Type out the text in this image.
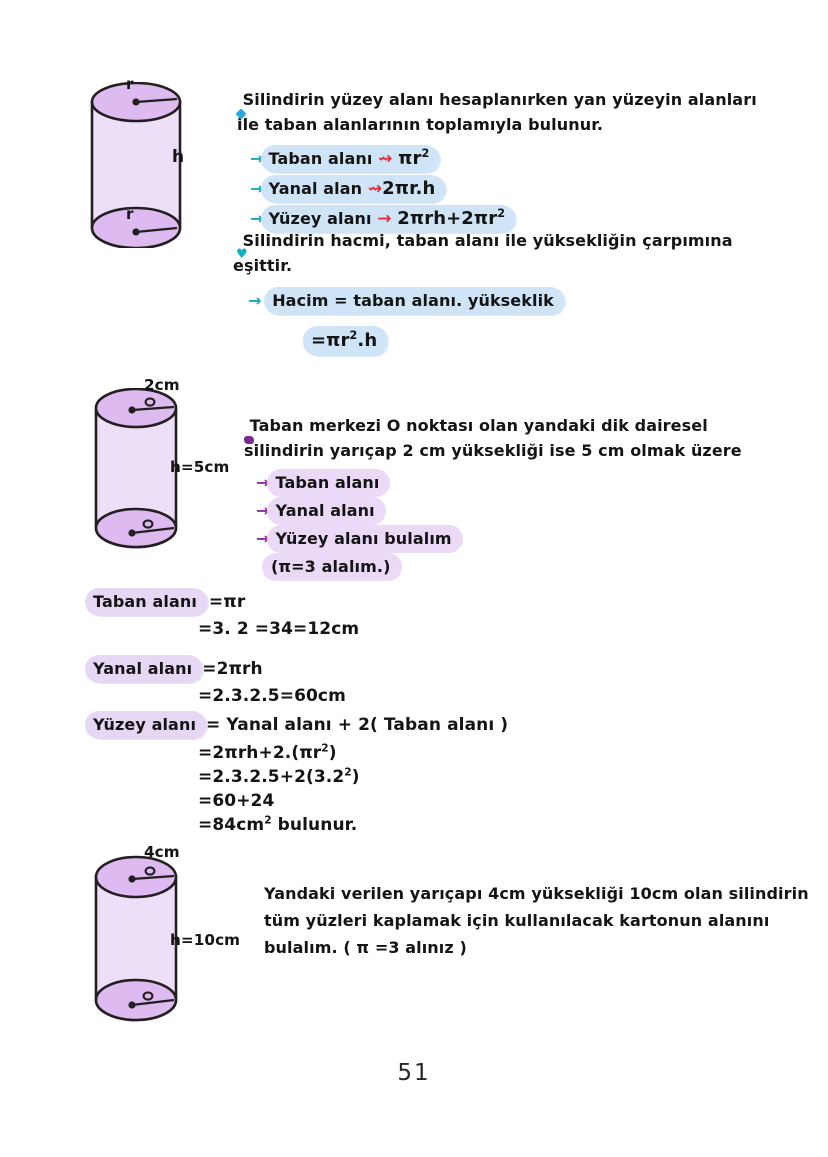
r
r
h
Silindirin yüzey alanı hesaplanırken yan yüzeyin alanları
ile taban alanlarının toplamıyla bulunur.
→ Taban alanı ⇝ $\pi r^2$
→ Yanal alan ⇝2πr.h
→ Yüzey alanı → $2\pi rh+2\pi r^2$
Silindirin hacmi, taban alanı ile yüksekliğin çarpımına
eşittir.
→ Hacim = taban alanı. yükseklik
$=\pi r^2.h$
2cm
h=5cm
Taban merkezi O noktası olan yandaki dik dairesel
silindirin yarıçap 2 cm yüksekliği ise 5 cm olmak üzere
→ Taban alanı
→ Yanal alanı
→ Yüzey alanı bulalım
(π=3 alalım.)
Taban alanı =πr
=3. 2 =34=12cm
Yanal alanı =2πrh
=2.3.2.5=60cm
Yüzey alanı = Yanal alanı + 2( Taban alanı )
$=2\pi rh+2.(\pi r^2)$
$=2.3.2.5+2(3.2^2)$
=60+24
$=84cm^2$ bulunur.
4cm
h=10cm
Yandaki verilen yarıçapı 4cm yüksekliği 10cm olan silindirin
tüm yüzleri kaplamak için kullanılacak kartonun alanını
bulalım. ( π =3 alınız )
51
